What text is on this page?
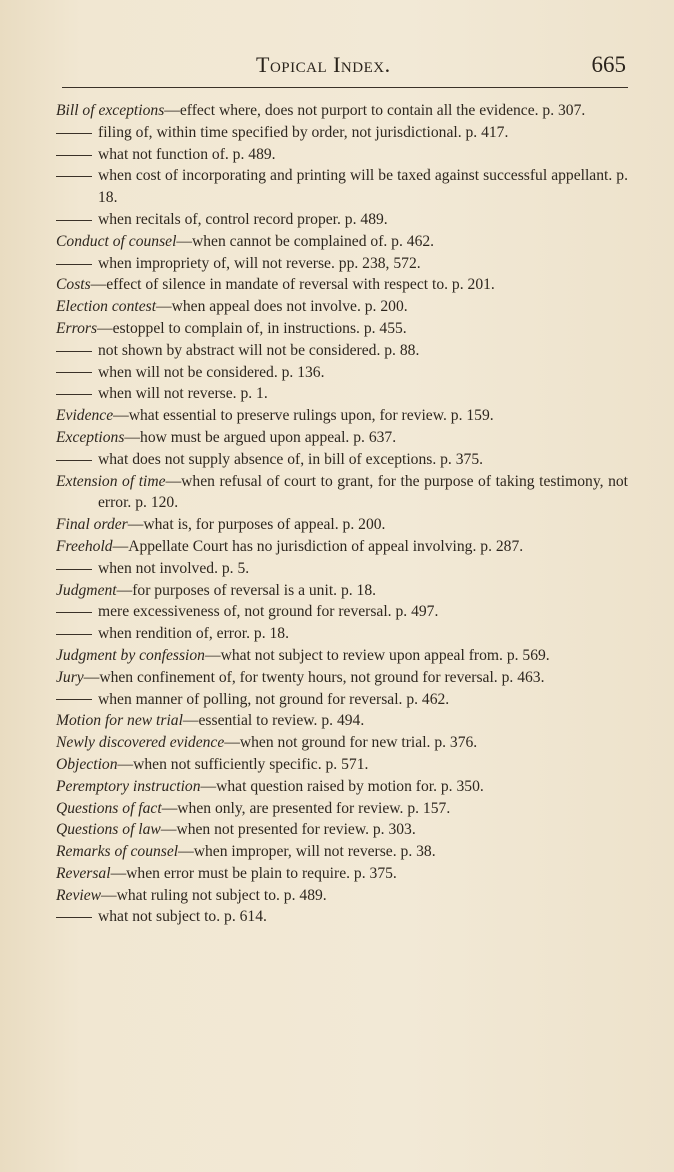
Topical Index.	665

Bill of exceptions—effect where, does not purport to contain all the evidence. p. 307.

filing of, within time specified by order, not jurisdictional. p. 417.

what not function of. p. 489.

when cost of incorporating and printing will be taxed against successful appellant. p. 18.

when recitals of, control record proper. p. 489.

Conduct of counsel—when cannot be complained of. p. 462.

when impropriety of, will not reverse. pp. 238, 572.

Costs—effect of silence in mandate of reversal with respect to. p. 201.

Election contest—when appeal does not involve. p. 200.

Errors—estoppel to complain of, in instructions. p. 455.

not shown by abstract will not be considered. p. 88.

when will not be considered. p. 136.

when will not reverse. p. 1.

Evidence—what essential to preserve rulings upon, for review. p. 159.

Exceptions—how must be argued upon appeal. p. 637.

what does not supply absence of, in bill of exceptions. p. 375.

Extension of time—when refusal of court to grant, for the purpose of taking testimony, not error. p. 120.

Final order—what is, for purposes of appeal. p. 200.

Freehold—Appellate Court has no jurisdiction of appeal involving. p. 287.

when not involved. p. 5.

Judgment—for purposes of reversal is a unit. p. 18.

mere excessiveness of, not ground for reversal. p. 497.

when rendition of, error. p. 18.

Judgment by confession—what not subject to review upon appeal from. p. 569.

Jury—when confinement of, for twenty hours, not ground for reversal. p. 463.

when manner of polling, not ground for reversal. p. 462.

Motion for new trial—essential to review. p. 494.

Newly discovered evidence—when not ground for new trial. p. 376.

Objection—when not sufficiently specific. p. 571.

Peremptory instruction—what question raised by motion for. p. 350.

Questions of fact—when only, are presented for review. p. 157.

Questions of law—when not presented for review. p. 303.

Remarks of counsel—when improper, will not reverse. p. 38.

Reversal—when error must be plain to require. p. 375.

Review—what ruling not subject to. p. 489.

what not subject to. p. 614.
